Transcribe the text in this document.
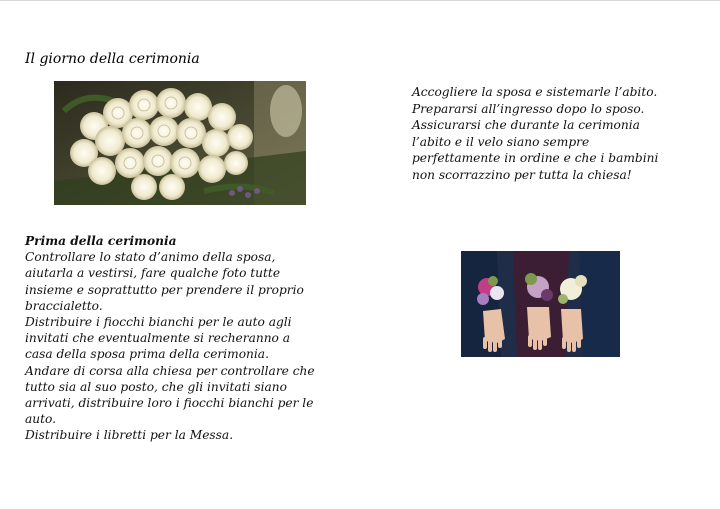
Il giorno della cerimonia
Accogliere la sposa e sistemarle l’abito.
Prepararsi all’ingresso dopo lo sposo.
Assicurarsi che durante la cerimonia
l’abito e il velo siano sempre
perfettamente in ordine e che i bambini
non scorrazzino per tutta la chiesa!
Prima della cerimonia
Controllare lo stato d’animo della sposa,
aiutarla a vestirsi, fare qualche foto tutte
insieme e soprattutto per prendere il proprio
braccialetto.
Distribuire i fiocchi bianchi per le auto agli
invitati che eventualmente si recheranno a
casa della sposa prima della cerimonia.
Andare di corsa alla chiesa per controllare che
tutto sia al suo posto, che gli invitati siano
arrivati, distribuire loro i fiocchi bianchi per le
auto.
Distribuire i libretti per la Messa.
